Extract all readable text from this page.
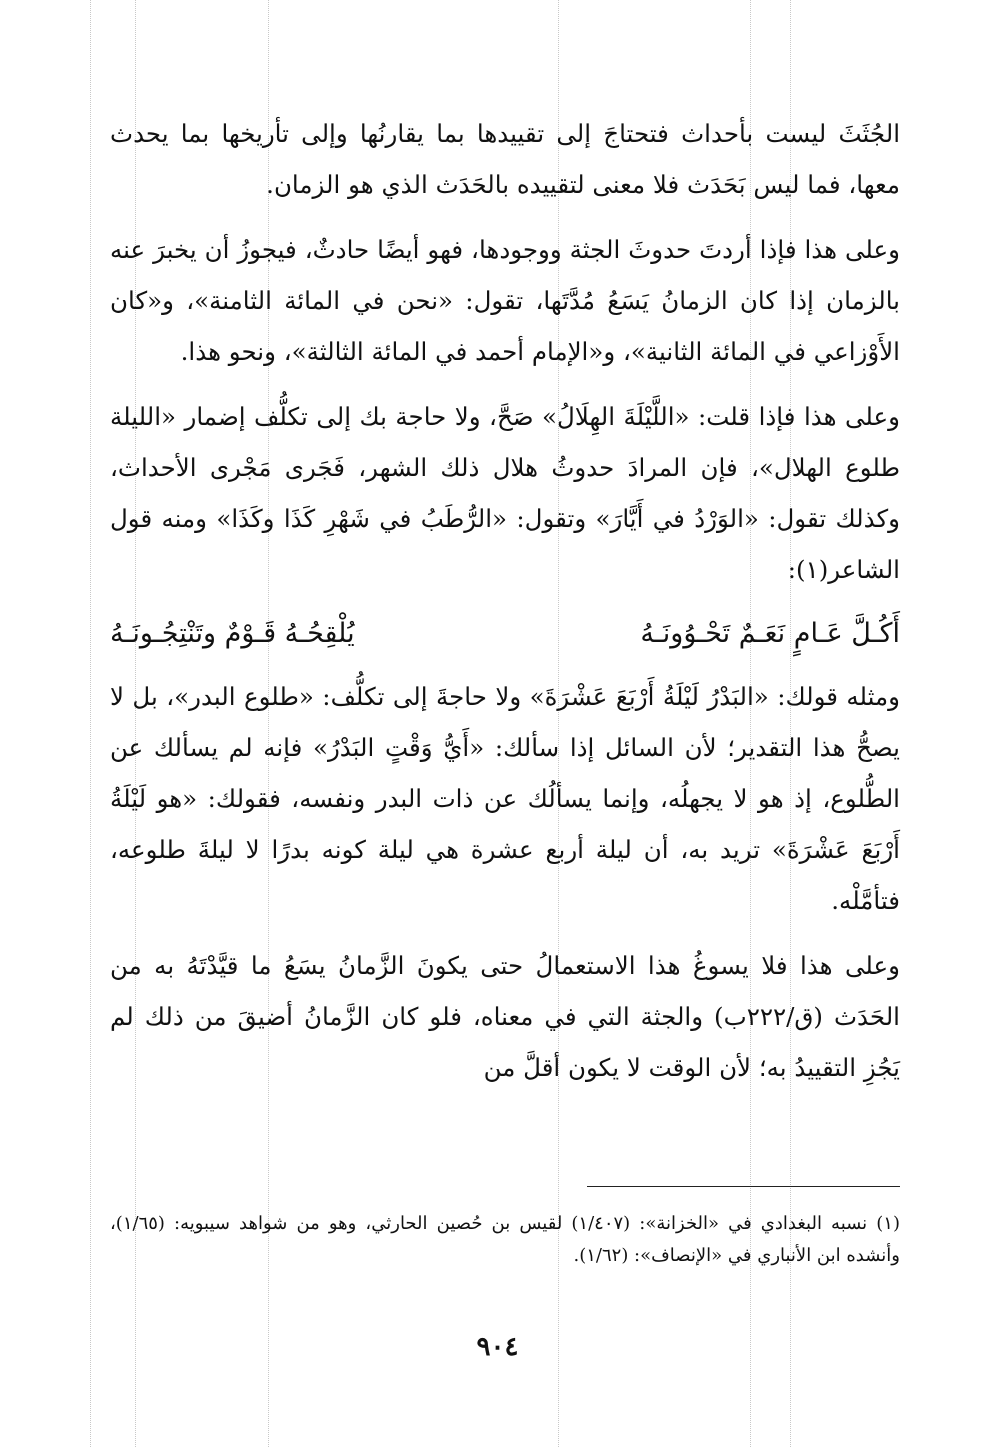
الجُثَثَ ليست بأحداث فتحتاجَ إلى تقييدها بما يقارنُها وإلى تأريخها بما يحدث معها، فما ليس بَحَدَث فلا معنى لتقييده بالحَدَث الذي هو الزمان.

وعلى هذا فإذا أردتَ حدوثَ الجثة ووجودها، فهو أيضًا حادثٌ، فيجوزُ أن يخبرَ عنه بالزمان إذا كان الزمانُ يَسَعُ مُدَّتَها، تقول: «نحن في المائة الثامنة»، و«كان الأَوْزاعي في المائة الثانية»، و«الإمام أحمد في المائة الثالثة»، ونحو هذا.

وعلى هذا فإذا قلت: «اللَّيْلَةَ الهِلَالُ» صَحَّ، ولا حاجة بك إلى تكلُّف إضمار «الليلة طلوع الهلال»، فإن المرادَ حدوثُ هلال ذلك الشهر، فَجَرى مَجْرى الأحداث، وكذلك تقول: «الوَرْدُ في أَيَّارَ» وتقول: «الرُّطَبُ في شَهْرِ كَذَا وكَذَا» ومنه قول الشاعر(١):

أَكُـلَّ عَـامٍ نَعَـمٌ تَحْـوُونَـهُ
يُلْقِحُـهُ قَـوْمٌ وتَنْتِجُـونَـهُ

ومثله قولك: «البَدْرُ لَيْلَةُ أَرْبَعَ عَشْرَةَ» ولا حاجةَ إلى تكلُّف: «طلوع البدر»، بل لا يصحُّ هذا التقدير؛ لأن السائل إذا سألك: «أَيُّ وَقْتٍ البَدْرُ» فإنه لم يسألك عن الطُّلوع، إذ هو لا يجهلُه، وإنما يسألُك عن ذات البدر ونفسه، فقولك: «هو لَيْلَةُ أَرْبَعَ عَشْرَةَ» تريد به، أن ليلة أربع عشرة هي ليلة كونه بدرًا لا ليلةَ طلوعه، فتأمَّلْه.

وعلى هذا فلا يسوغُ هذا الاستعمالُ حتى يكونَ الزَّمانُ يسَعُ ما قيَّدْتَهُ به من الحَدَث (ق/٢٢٢ب) والجثة التي في معناه، فلو كان الزَّمانُ أضيقَ من ذلك لم يَجُزِ التقييدُ به؛ لأن الوقت لا يكون أقلَّ من

(١) نسبه البغدادي في «الخزانة»: (١/٤٠٧) لقيس بن حُصين الحارثي، وهو من شواهد سيبويه: (١/٦٥)، وأنشده ابن الأنباري في «الإنصاف»: (١/٦٢).
٩٠٤
